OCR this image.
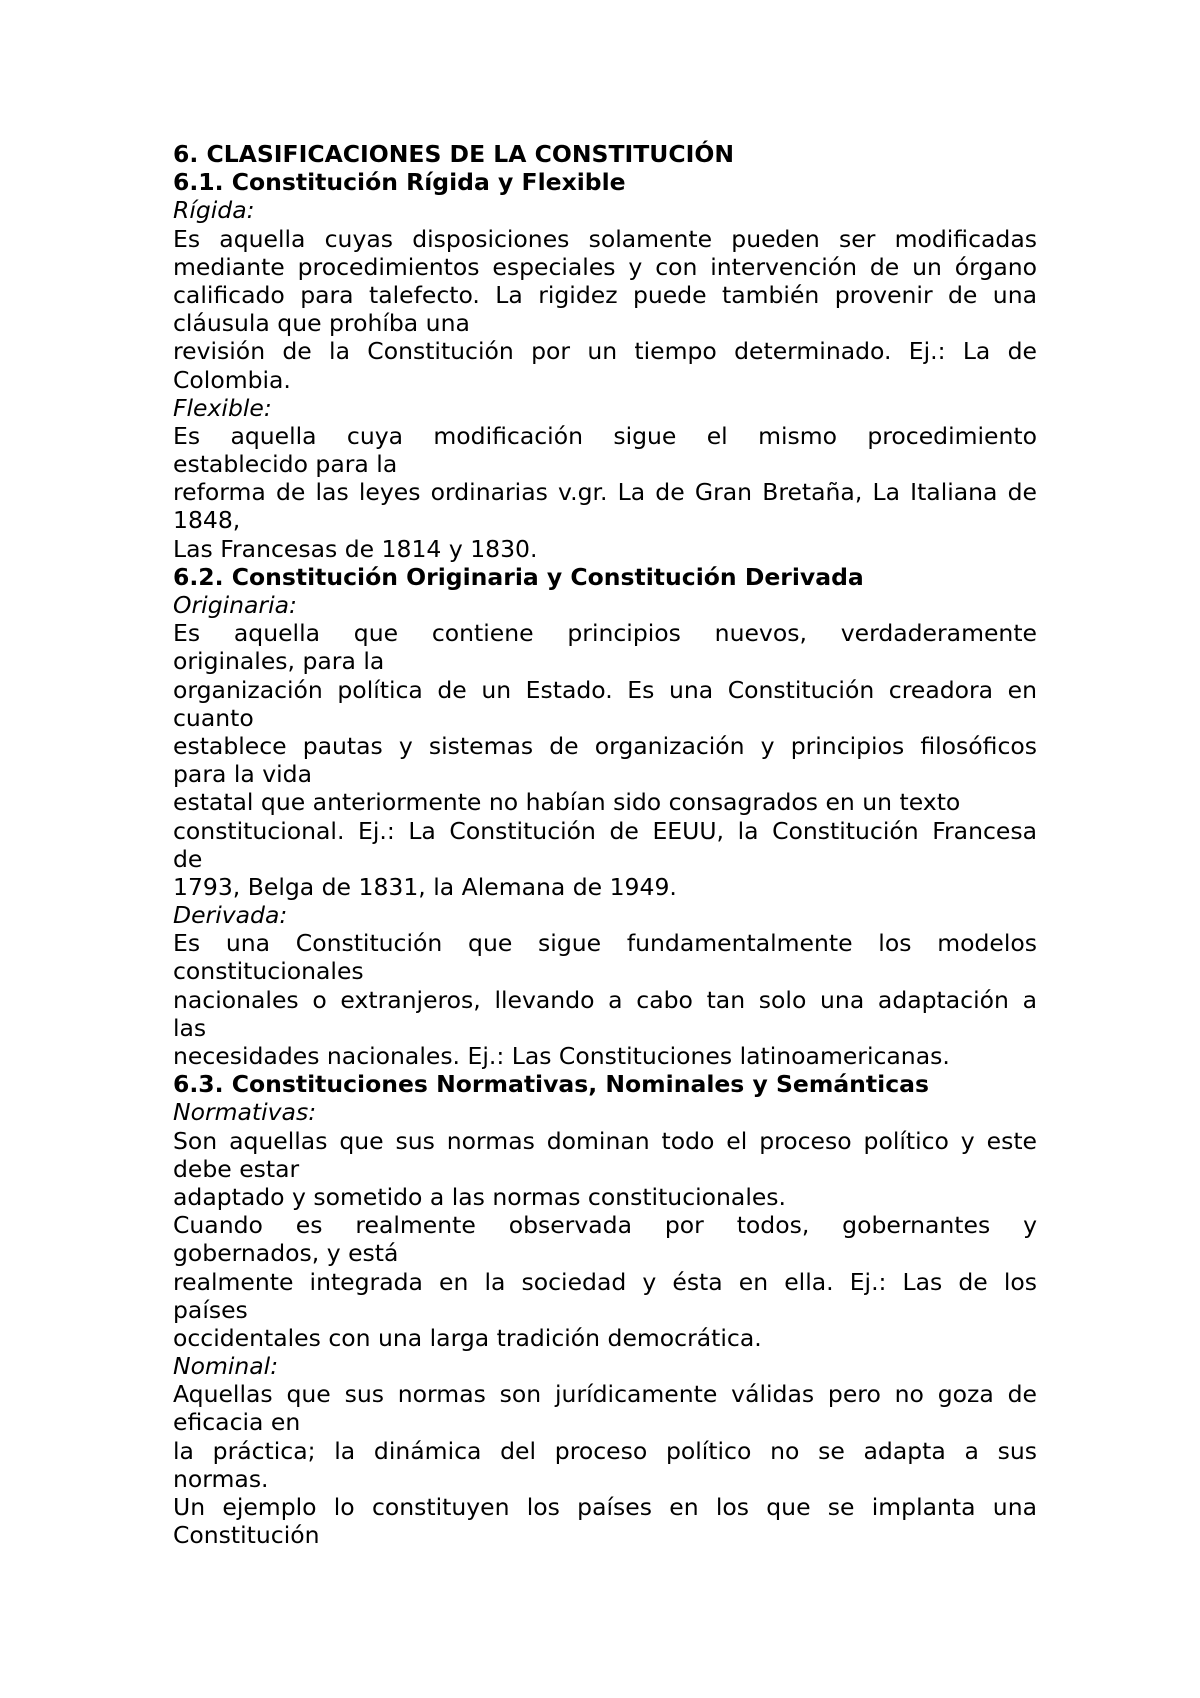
6. CLASIFICACIONES DE LA CONSTITUCIÓN
6.1. Constitución Rígida y Flexible
Rígida:
Es aquella cuyas disposiciones solamente pueden ser modificadas
mediante procedimientos especiales y con intervención de un órgano
calificado para talefecto. La rigidez puede también provenir de una
cláusula que prohíba una
revisión de la Constitución por un tiempo determinado. Ej.: La de
Colombia.
Flexible:
Es aquella cuya modificación sigue el mismo procedimiento
establecido para la
reforma de las leyes ordinarias v.gr. La de Gran Bretaña, La Italiana de
1848,
Las Francesas de 1814 y 1830.
6.2. Constitución Originaria y Constitución Derivada
Originaria:
Es aquella que contiene principios nuevos, verdaderamente
originales, para la
organización política de un Estado. Es una Constitución creadora en
cuanto
establece pautas y sistemas de organización y principios filosóficos
para la vida
estatal que anteriormente no habían sido consagrados en un texto
constitucional. Ej.: La Constitución de EEUU, la Constitución Francesa
de
1793, Belga de 1831, la Alemana de 1949.
Derivada:
Es una Constitución que sigue fundamentalmente los modelos
constitucionales
nacionales o extranjeros, llevando a cabo tan solo una adaptación a
las
necesidades nacionales. Ej.: Las Constituciones latinoamericanas.
6.3. Constituciones Normativas, Nominales y Semánticas
Normativas:
Son aquellas que sus normas dominan todo el proceso político y este
debe estar
adaptado y sometido a las normas constitucionales.
Cuando es realmente observada por todos, gobernantes y
gobernados, y está
realmente integrada en la sociedad y ésta en ella. Ej.: Las de los
países
occidentales con una larga tradición democrática.
Nominal:
Aquellas que sus normas son jurídicamente válidas pero no goza de
eficacia en
la práctica; la dinámica del proceso político no se adapta a sus
normas.
Un ejemplo lo constituyen los países en los que se implanta una
Constitución
